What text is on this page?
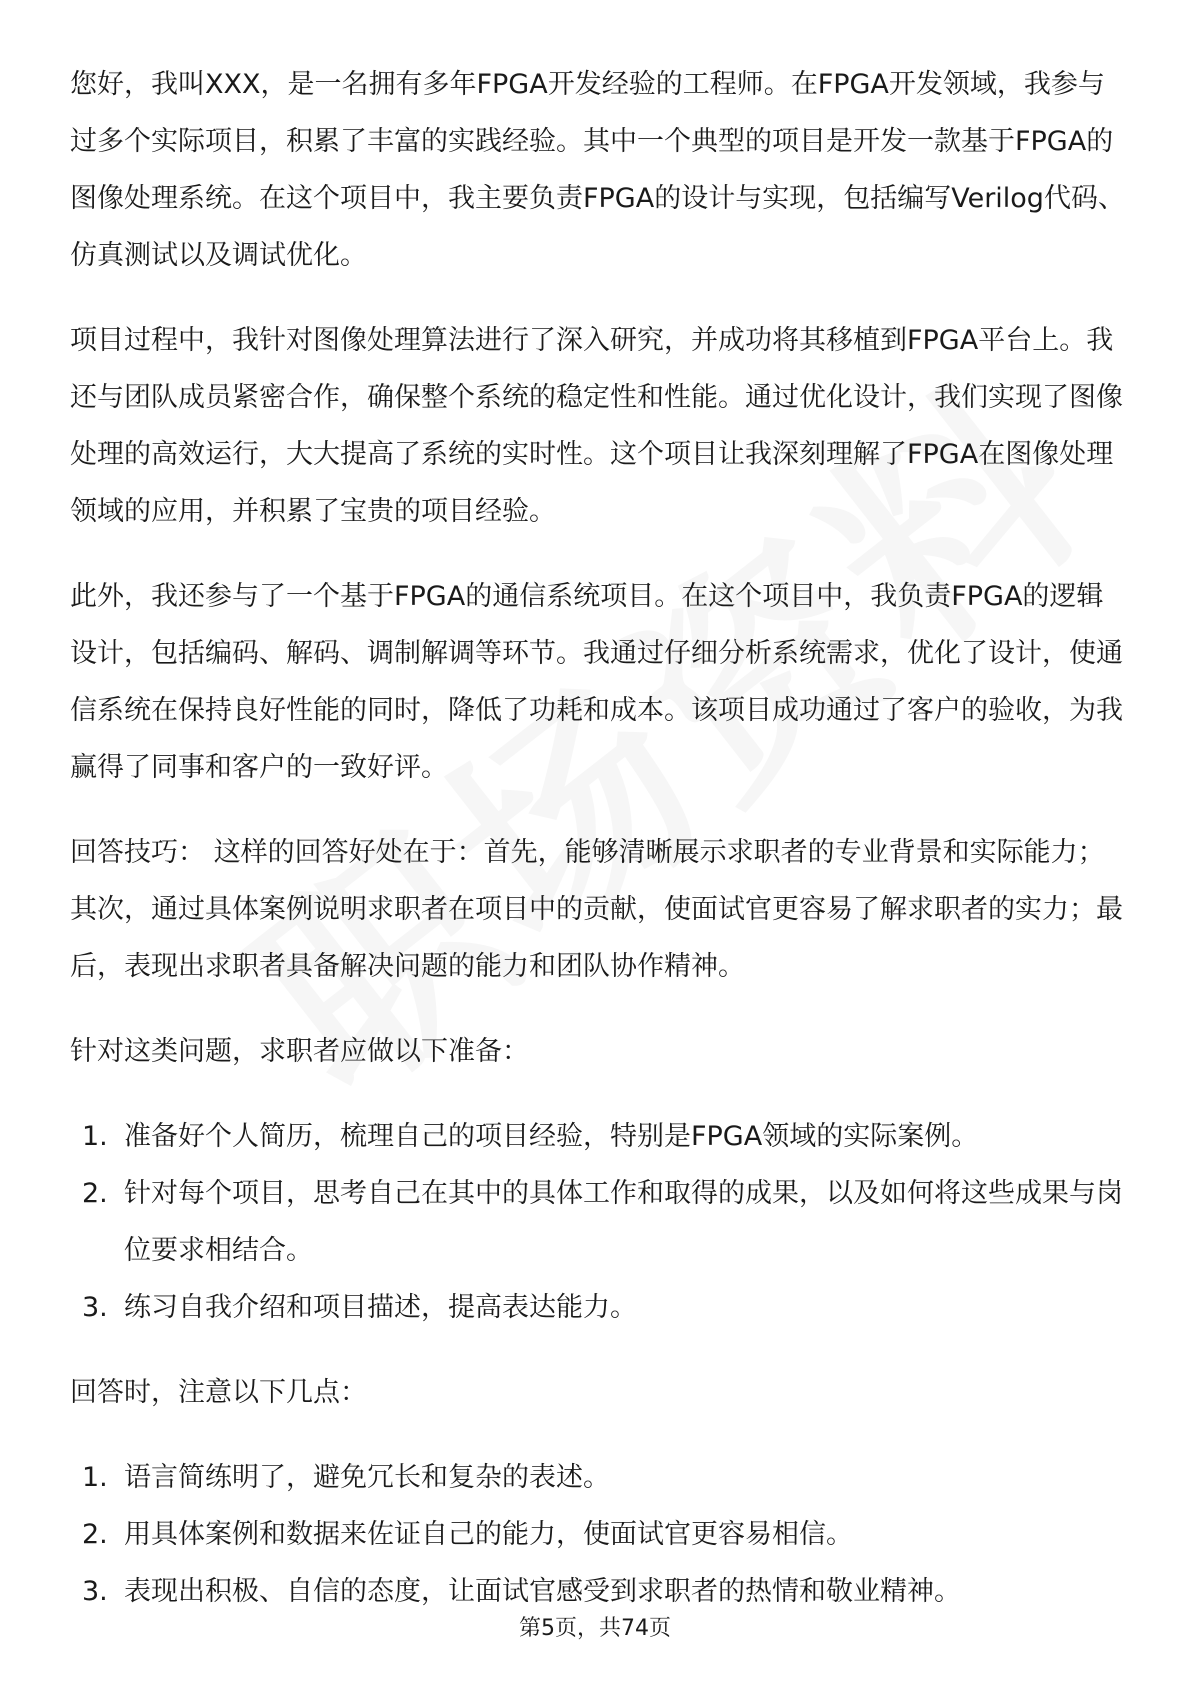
您好，我叫XXX，是一名拥有多年FPGA开发经验的工程师。在FPGA开发领域，我参与过多个实际项目，积累了丰富的实践经验。其中一个典型的项目是开发一款基于FPGA的图像处理系统。在这个项目中，我主要负责FPGA的设计与实现，包括编写Verilog代码、仿真测试以及调试优化。

项目过程中，我针对图像处理算法进行了深入研究，并成功将其移植到FPGA平台上。我还与团队成员紧密合作，确保整个系统的稳定性和性能。通过优化设计，我们实现了图像处理的高效运行，大大提高了系统的实时性。这个项目让我深刻理解了FPGA在图像处理领域的应用，并积累了宝贵的项目经验。

此外，我还参与了一个基于FPGA的通信系统项目。在这个项目中，我负责FPGA的逻辑设计，包括编码、解码、调制解调等环节。我通过仔细分析系统需求，优化了设计，使通信系统在保持良好性能的同时，降低了功耗和成本。该项目成功通过了客户的验收，为我赢得了同事和客户的一致好评。

回答技巧： 这样的回答好处在于：首先，能够清晰展示求职者的专业背景和实际能力；其次，通过具体案例说明求职者在项目中的贡献，使面试官更容易了解求职者的实力；最后，表现出求职者具备解决问题的能力和团队协作精神。

针对这类问题，求职者应做以下准备：

1. 准备好个人简历，梳理自己的项目经验，特别是FPGA领域的实际案例。
2. 针对每个项目，思考自己在其中的具体工作和取得的成果，以及如何将这些成果与岗位要求相结合。
3. 练习自我介绍和项目描述，提高表达能力。

回答时，注意以下几点：

1. 语言简练明了，避免冗长和复杂的表述。
2. 用具体案例和数据来佐证自己的能力，使面试官更容易相信。
3. 表现出积极、自信的态度，让面试官感受到求职者的热情和敬业精神。
第5页，共74页
